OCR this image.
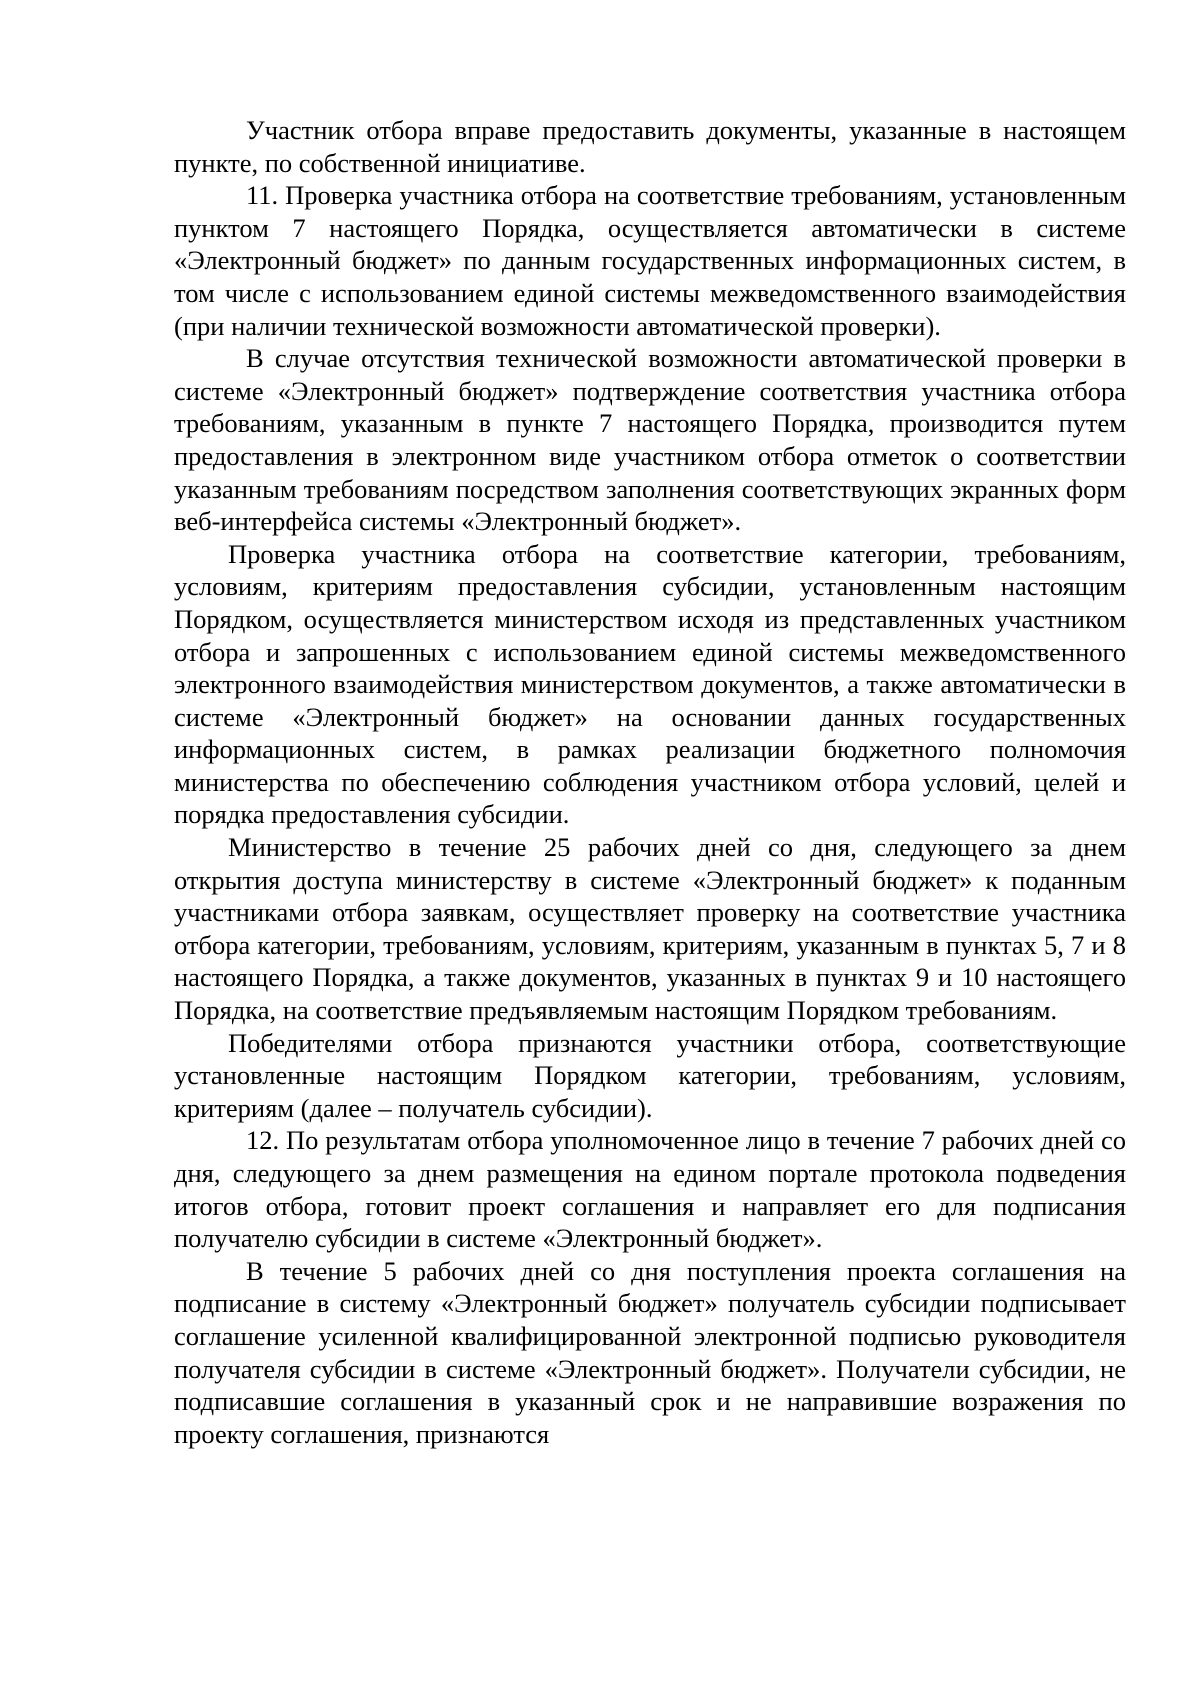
Участник отбора вправе предоставить документы, указанные в настоящем пункте, по собственной инициативе.

11. Проверка участника отбора на соответствие требованиям, установленным пунктом 7 настоящего Порядка, осуществляется автоматически в системе «Электронный бюджет» по данным государственных информационных систем, в том числе с использованием единой системы межведомственного взаимодействия (при наличии технической возможности автоматической проверки).

В случае отсутствия технической возможности автоматической проверки в системе «Электронный бюджет» подтверждение соответствия участника отбора требованиям, указанным в пункте 7 настоящего Порядка, производится путем предоставления в электронном виде участником отбора отметок о соответствии указанным требованиям посредством заполнения соответствующих экранных форм веб-интерфейса системы «Электронный бюджет».

Проверка участника отбора на соответствие категории, требованиям, условиям, критериям предоставления субсидии, установленным настоящим Порядком, осуществляется министерством исходя из представленных участником отбора и запрошенных с использованием единой системы межведомственного электронного взаимодействия министерством документов, а также автоматически в системе «Электронный бюджет» на основании данных государственных информационных систем, в рамках реализации бюджетного полномочия министерства по обеспечению соблюдения участником отбора условий, целей и порядка предоставления субсидии.

Министерство в течение 25 рабочих дней со дня, следующего за днем открытия доступа министерству в системе «Электронный бюджет» к поданным участниками отбора заявкам, осуществляет проверку на соответствие участника отбора категории, требованиям, условиям, критериям, указанным в пунктах 5, 7 и 8 настоящего Порядка, а также документов, указанных в пунктах 9 и 10 настоящего Порядка, на соответствие предъявляемым настоящим Порядком требованиям.

Победителями отбора признаются участники отбора, соответствующие установленные настоящим Порядком категории, требованиям, условиям, критериям (далее – получатель субсидии).

12. По результатам отбора уполномоченное лицо в течение 7 рабочих дней со дня, следующего за днем размещения на едином портале протокола подведения итогов отбора, готовит проект соглашения и направляет его для подписания получателю субсидии в системе «Электронный бюджет».

В течение 5 рабочих дней со дня поступления проекта соглашения на подписание в систему «Электронный бюджет» получатель субсидии подписывает соглашение усиленной квалифицированной электронной подписью руководителя получателя субсидии в системе «Электронный бюджет». Получатели субсидии, не подписавшие соглашения в указанный срок и не направившие возражения по проекту соглашения, признаются
